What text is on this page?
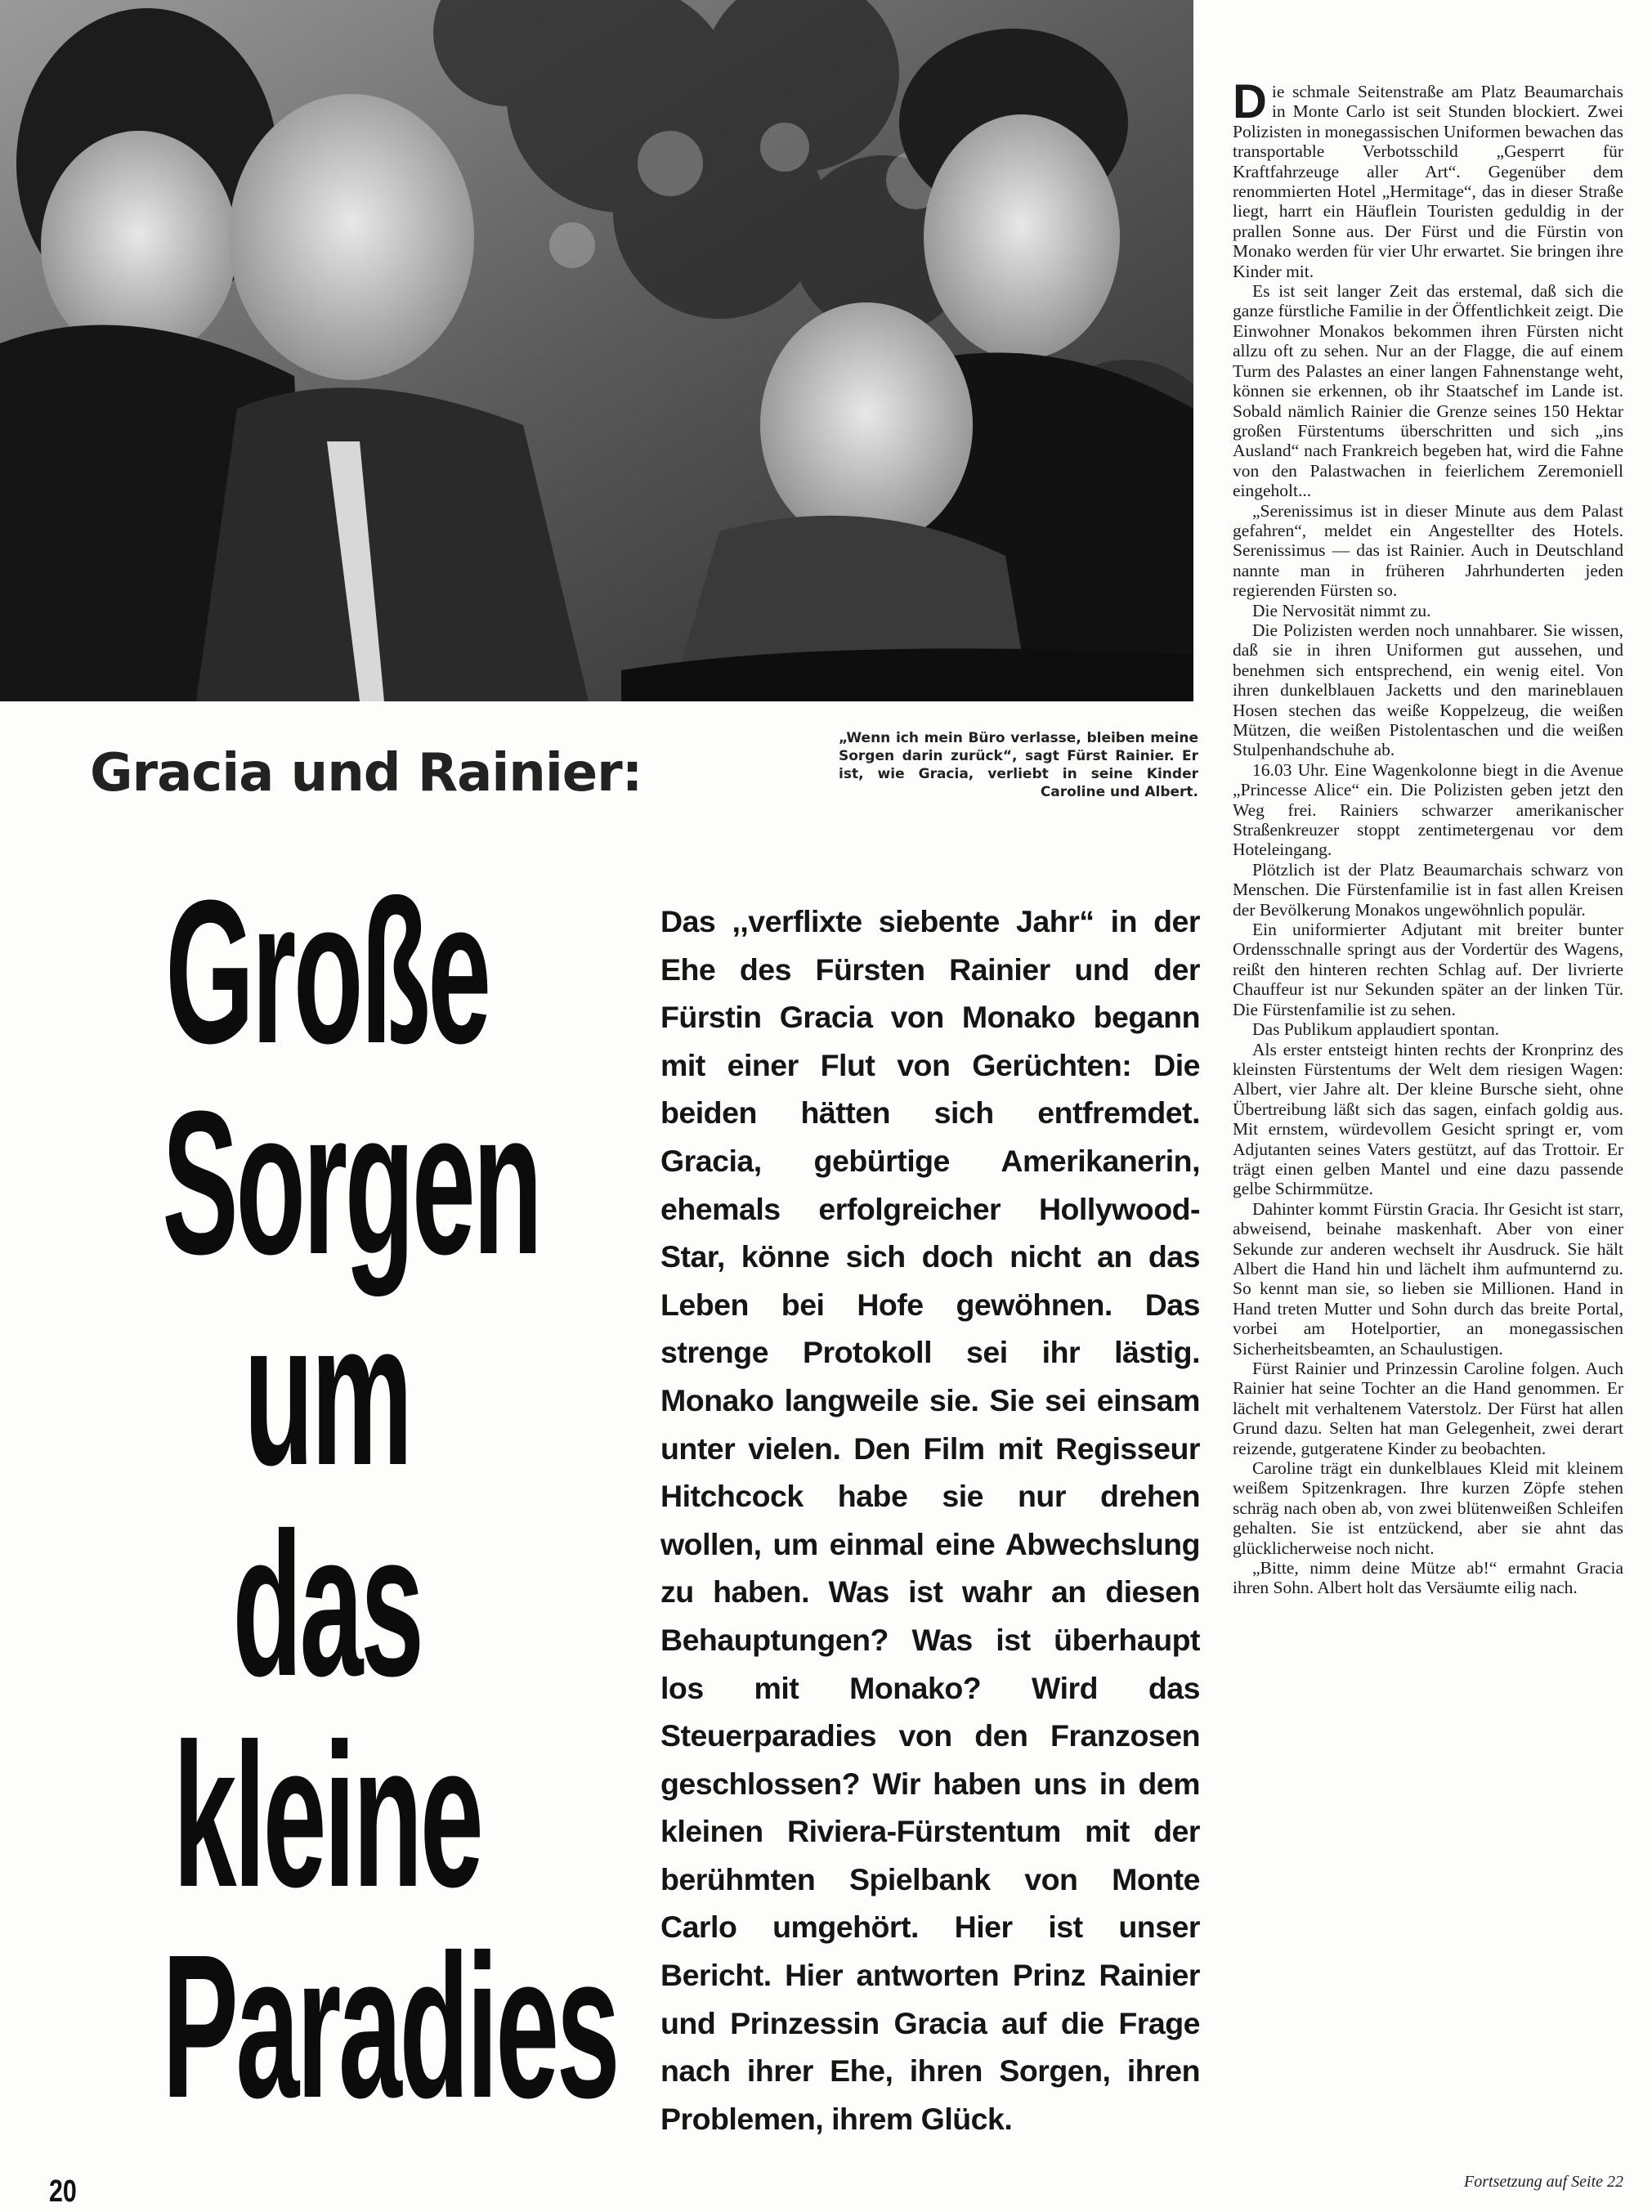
„Wenn ich mein Büro verlasse, bleiben meine Sorgen darin zurück“, sagt Fürst Rainier. Er ist, wie Gracia, verliebt in seine Kinder Caroline und Albert.
Gracia und Rainier:
Große
Sorgen
um
das
kleine
Paradies
Das ,,verflixte siebente Jahr“ in der Ehe des Fürsten Rainier und der Fürstin Gracia von Monako begann mit einer Flut von Gerüchten: Die beiden hätten sich entfremdet. Gracia, gebürtige Amerikanerin, ehemals erfolgreicher Hollywood-Star, könne sich doch nicht an das Leben bei Hofe gewöhnen. Das strenge Protokoll sei ihr lästig. Monako langweile sie. Sie sei einsam unter vielen. Den Film mit Regisseur Hitchcock habe sie nur drehen wollen, um einmal eine Abwechslung zu haben. Was ist wahr an diesen Behauptungen? Was ist überhaupt los mit Monako? Wird das Steuerparadies von den Franzosen geschlossen? Wir haben uns in dem kleinen Riviera-Fürstentum mit der berühmten Spielbank von Monte Carlo umgehört. Hier ist unser Bericht. Hier antworten Prinz Rainier und Prinzessin Gracia auf die Frage nach ihrer Ehe, ihren Sorgen, ihren Problemen, ihrem Glück.

Die schmale Seitenstraße am Platz Beaumarchais in Monte Carlo ist seit Stunden blockiert. Zwei Polizisten in monegassischen Uniformen bewachen das transportable Verbotsschild „Gesperrt für Kraftfahrzeuge aller Art“. Gegenüber dem renommierten Hotel „Hermitage“, das in dieser Straße liegt, harrt ein Häuflein Touristen geduldig in der prallen Sonne aus. Der Fürst und die Fürstin von Monako werden für vier Uhr erwartet. Sie bringen ihre Kinder mit.

Es ist seit langer Zeit das erstemal, daß sich die ganze fürstliche Familie in der Öffentlichkeit zeigt. Die Einwohner Monakos bekommen ihren Fürsten nicht allzu oft zu sehen. Nur an der Flagge, die auf einem Turm des Palastes an einer langen Fahnenstange weht, können sie erkennen, ob ihr Staatschef im Lande ist. Sobald nämlich Rainier die Grenze seines 150 Hektar großen Fürstentums überschritten und sich „ins Ausland“ nach Frankreich begeben hat, wird die Fahne von den Palastwachen in feierlichem Zeremoniell eingeholt...

„Serenissimus ist in dieser Minute aus dem Palast gefahren“, meldet ein Angestellter des Hotels. Serenissimus — das ist Rainier. Auch in Deutschland nannte man in früheren Jahrhunderten jeden regierenden Fürsten so.

Die Nervosität nimmt zu.

Die Polizisten werden noch unnahbarer. Sie wissen, daß sie in ihren Uniformen gut aussehen, und benehmen sich entsprechend, ein wenig eitel. Von ihren dunkelblauen Jacketts und den marineblauen Hosen stechen das weiße Koppelzeug, die weißen Mützen, die weißen Pistolentaschen und die weißen Stulpenhandschuhe ab.

16.03 Uhr. Eine Wagenkolonne biegt in die Avenue „Princesse Alice“ ein. Die Polizisten geben jetzt den Weg frei. Rainiers schwarzer amerikanischer Straßenkreuzer stoppt zentimetergenau vor dem Hoteleingang.

Plötzlich ist der Platz Beaumarchais schwarz von Menschen. Die Fürstenfamilie ist in fast allen Kreisen der Bevölkerung Monakos ungewöhnlich populär.

Ein uniformierter Adjutant mit breiter bunter Ordensschnalle springt aus der Vordertür des Wagens, reißt den hinteren rechten Schlag auf. Der livrierte Chauffeur ist nur Sekunden später an der linken Tür. Die Fürstenfamilie ist zu sehen.

Das Publikum applaudiert spontan.

Als erster entsteigt hinten rechts der Kronprinz des kleinsten Fürstentums der Welt dem riesigen Wagen: Albert, vier Jahre alt. Der kleine Bursche sieht, ohne Übertreibung läßt sich das sagen, einfach goldig aus. Mit ernstem, würdevollem Gesicht springt er, vom Adjutanten seines Vaters gestützt, auf das Trottoir. Er trägt einen gelben Mantel und eine dazu passende gelbe Schirmmütze.

Dahinter kommt Fürstin Gracia. Ihr Gesicht ist starr, abweisend, beinahe maskenhaft. Aber von einer Sekunde zur anderen wechselt ihr Ausdruck. Sie hält Albert die Hand hin und lächelt ihm aufmunternd zu. So kennt man sie, so lieben sie Millionen. Hand in Hand treten Mutter und Sohn durch das breite Portal, vorbei am Hotelportier, an monegassischen Sicherheitsbeamten, an Schaulustigen.

Fürst Rainier und Prinzessin Caroline folgen. Auch Rainier hat seine Tochter an die Hand genommen. Er lächelt mit verhaltenem Vaterstolz. Der Fürst hat allen Grund dazu. Selten hat man Gelegenheit, zwei derart reizende, gutgeratene Kinder zu beobachten.

Caroline trägt ein dunkelblaues Kleid mit kleinem weißem Spitzenkragen. Ihre kurzen Zöpfe stehen schräg nach oben ab, von zwei blütenweißen Schleifen gehalten. Sie ist entzückend, aber sie ahnt das glücklicherweise noch nicht.

„Bitte, nimm deine Mütze ab!“ ermahnt Gracia ihren Sohn. Albert holt das Versäumte eilig nach.

Fortsetzung auf Seite 22
20
